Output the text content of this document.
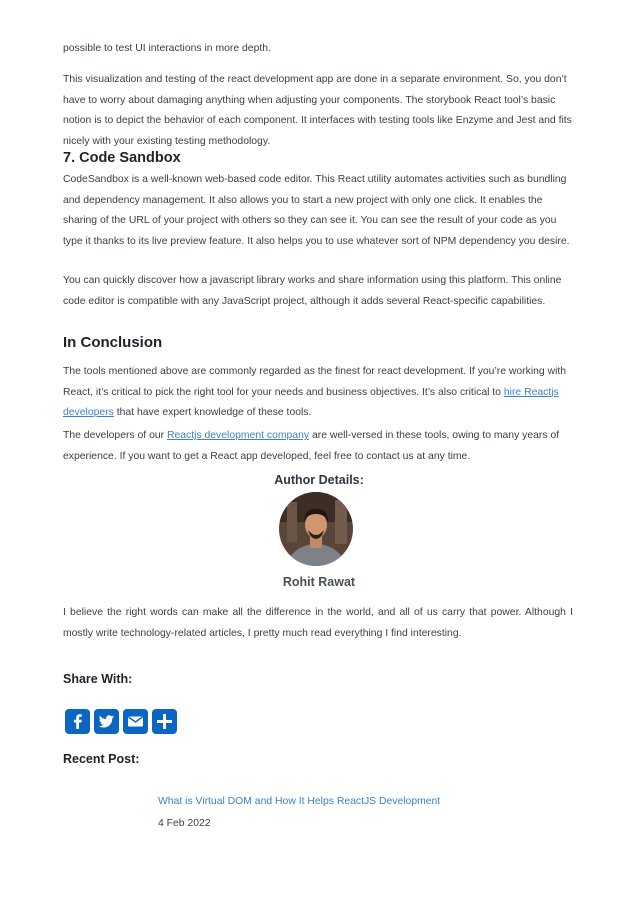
possible to test UI interactions in more depth.

This visualization and testing of the react development app are done in a separate environment. So, you don’t have to worry about damaging anything when adjusting your components. The storybook React tool’s basic notion is to depict the behavior of each component. It interfaces with testing tools like Enzyme and Jest and fits nicely with your existing testing methodology.

7. Code Sandbox

CodeSandbox is a well-known web-based code editor. This React utility automates activities such as bundling and dependency management. It also allows you to start a new project with only one click. It enables the sharing of the URL of your project with others so they can see it. You can see the result of your code as you type it thanks to its live preview feature. It also helps you to use whatever sort of NPM dependency you desire.

You can quickly discover how a javascript library works and share information using this platform. This online code editor is compatible with any JavaScript project, although it adds several React-specific capabilities.

In Conclusion

The tools mentioned above are commonly regarded as the finest for react development. If you’re working with React, it’s critical to pick the right tool for your needs and business objectives. It’s also critical to hire Reactjs developers that have expert knowledge of these tools.

The developers of our Reactjs development company are well-versed in these tools, owing to many years of experience. If you want to get a React app developed, feel free to contact us at any time.

Author Details:
Rohit Rawat

I believe the right words can make all the difference in the world, and all of us carry that power. Although I mostly write technology-related articles, I pretty much read everything I find interesting.

Share With:
Recent Post:
What is Virtual DOM and How It Helps ReactJS Development
4 Feb 2022
